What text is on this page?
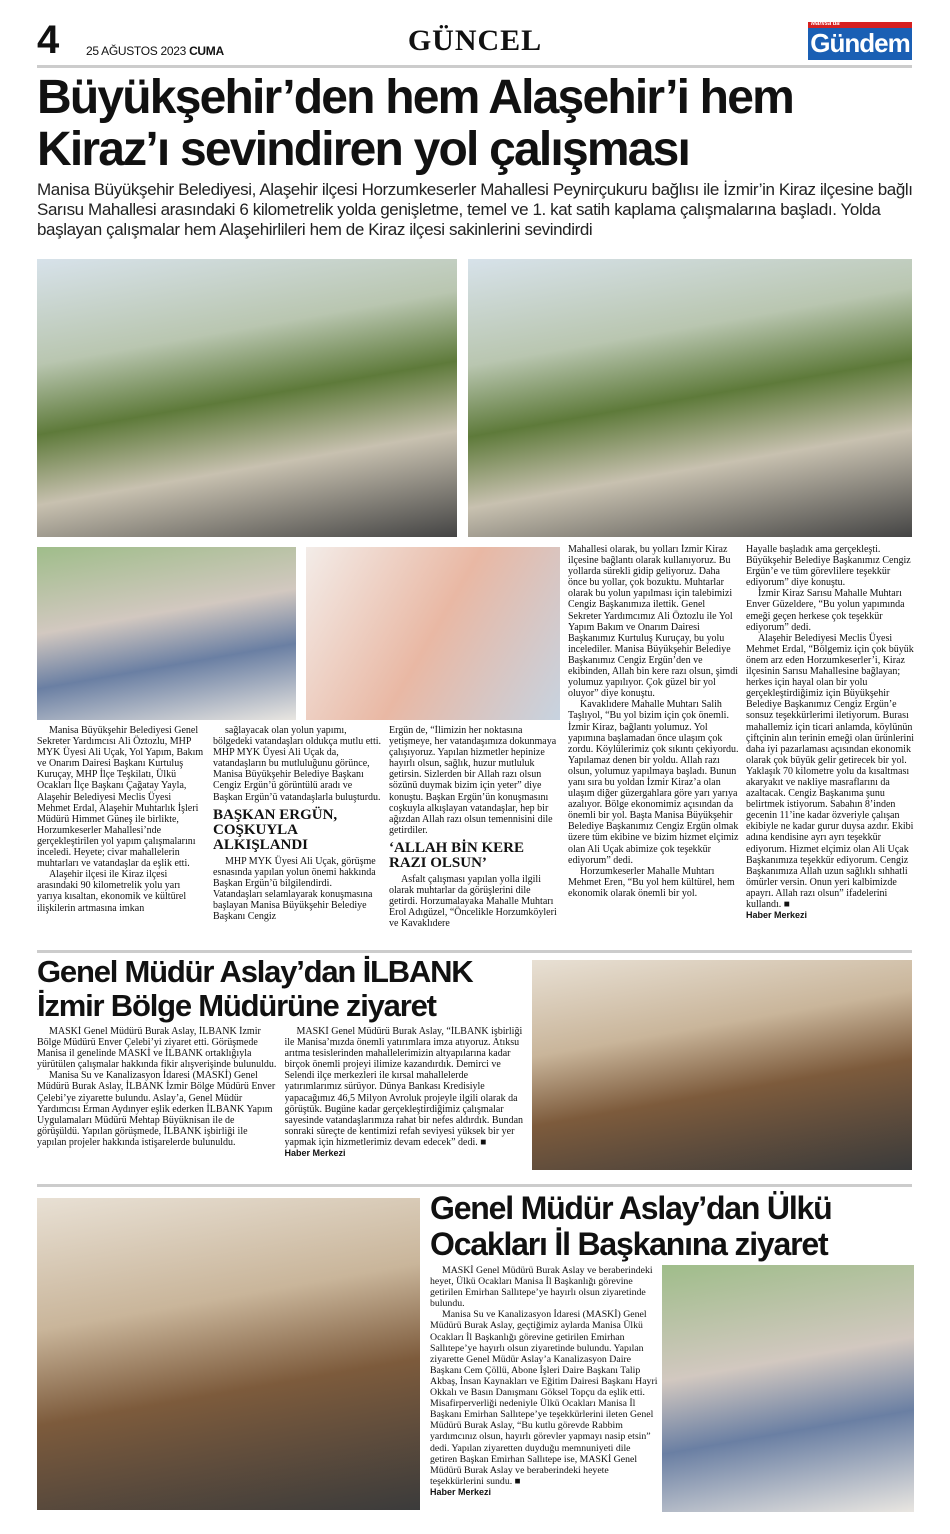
4 25 AĞUSTOS 2023 CUMA	GÜNCEL	Manisa'da
Gündem
Büyükşehir’den hem Alaşehir’i hem Kiraz’ı sevindiren yol çalışması
Manisa Büyükşehir Belediyesi, Alaşehir ilçesi Horzumkeserler Mahallesi Peynirçukuru bağlısı ile İzmir’in Kiraz ilçesine bağlı Sarısu Mahallesi arasındaki 6 kilometrelik yolda genişletme, temel ve 1. kat satih kaplama çalışmalarına başladı. Yolda başlayan çalışmalar hem Alaşehirlileri hem de Kiraz ilçesi sakinlerini sevindirdi

Manisa Büyükşehir Belediyesi Genel Sekreter Yardımcısı Ali Öztozlu, MHP MYK Üyesi Ali Uçak, Yol Yapım, Bakım ve Onarım Dairesi Başkanı Kurtuluş Kuruçay, MHP İlçe Teşkilatı, Ülkü Ocakları İlçe Başkanı Çağatay Yayla, Alaşehir Belediyesi Meclis Üyesi Mehmet Erdal, Alaşehir Muhtarlık İşleri Müdürü Himmet Güneş ile birlikte, Horzumkeserler Mahallesi’nde gerçekleştirilen yol yapım çalışmalarını inceledi. Heyete; civar mahallelerin muhtarları ve vatandaşlar da eşlik etti.

Alaşehir ilçesi ile Kiraz ilçesi arasındaki 90 kilometrelik yolu yarı yarıya kısaltan, ekonomik ve kültürel ilişkilerin artmasına imkan

sağlayacak olan yolun yapımı, bölgedeki vatandaşları oldukça mutlu etti. MHP MYK Üyesi Ali Uçak da, vatandaşların bu mutluluğunu görünce, Manisa Büyükşehir Belediye Başkanı Cengiz Ergün’ü görüntülü aradı ve Başkan Ergün’ü vatandaşlarla buluşturdu.

BAŞKAN ERGÜN, COŞKUYLA ALKIŞLANDI

MHP MYK Üyesi Ali Uçak, görüşme esnasında yapılan yolun önemi hakkında Başkan Ergün’ü bilgilendirdi. Vatandaşları selamlayarak konuşmasına başlayan Manisa Büyükşehir Belediye Başkanı Cengiz

Ergün de, “İlimizin her noktasına yetişmeye, her vatandaşımıza dokunmaya çalışıyoruz. Yapılan hizmetler hepinize hayırlı olsun, sağlık, huzur mutluluk getirsin. Sizlerden bir Allah razı olsun sözünü duymak bizim için yeter” diye konuştu. Başkan Ergün’ün konuşmasını coşkuyla alkışlayan vatandaşlar, hep bir ağızdan Allah razı olsun temennisini dile getirdiler.

‘ALLAH BİN KERE RAZI OLSUN’

Asfalt çalışması yapılan yolla ilgili olarak muhtarlar da görüşlerini dile getirdi. Horzumalayaka Mahalle Muhtarı Erol Adıgüzel, “Öncelikle Horzumköyleri ve Kavaklıdere

Mahallesi olarak, bu yolları İzmir Kiraz ilçesine bağlantı olarak kullanıyoruz. Bu yollarda sürekli gidip geliyoruz. Daha önce bu yollar, çok bozuktu. Muhtarlar olarak bu yolun yapılması için talebimizi Cengiz Başkanımıza ilettik. Genel Sekreter Yardımcımız Ali Öztozlu ile Yol Yapım Bakım ve Onarım Dairesi Başkanımız Kurtuluş Kuruçay, bu yolu incelediler. Manisa Büyükşehir Belediye Başkanımız Cengiz Ergün’den ve ekibinden, Allah bin kere razı olsun, şimdi yolumuz yapılıyor. Çok güzel bir yol oluyor” diye konuştu.

Kavaklıdere Mahalle Muhtarı Salih Taşlıyol, “Bu yol bizim için çok önemli. İzmir Kiraz, bağlantı yolumuz. Yol yapımına başlamadan önce ulaşım çok zordu. Köylülerimiz çok sıkıntı çekiyordu. Yapılamaz denen bir yoldu. Allah razı olsun, yolumuz yapılmaya başladı. Bunun yanı sıra bu yoldan İzmir Kiraz’a olan ulaşım diğer güzergahlara göre yarı yarıya azalıyor. Bölge ekonomimiz açısından da önemli bir yol. Başta Manisa Büyükşehir Belediye Başkanımız Cengiz Ergün olmak üzere tüm ekibine ve bizim hizmet elçimiz olan Ali Uçak abimize çok teşekkür ediyorum” dedi.

Horzumkeserler Mahalle Muhtarı Mehmet Eren, “Bu yol hem kültürel, hem ekonomik olarak önemli bir yol.

Hayalle başladık ama gerçekleşti. Büyükşehir Belediye Başkanımız Cengiz Ergün’e ve tüm görevlilere teşekkür ediyorum” diye konuştu.

İzmir Kiraz Sarısu Mahalle Muhtarı Enver Güzeldere, “Bu yolun yapımında emeği geçen herkese çok teşekkür ediyorum” dedi.

Alaşehir Belediyesi Meclis Üyesi Mehmet Erdal, “Bölgemiz için çok büyük önem arz eden Horzumkeserler’i, Kiraz ilçesinin Sarısu Mahallesine bağlayan; herkes için hayal olan bir yolu gerçekleştirdiğimiz için Büyükşehir Belediye Başkanımız Cengiz Ergün’e sonsuz teşekkürlerimi iletiyorum. Burası mahallemiz için ticari anlamda, köylünün çiftçinin alın terinin emeği olan ürünlerini daha iyi pazarlaması açısından ekonomik olarak çok büyük gelir getirecek bir yol. Yaklaşık 70 kilometre yolu da kısaltması akaryakıt ve nakliye masraflarını da azaltacak. Cengiz Başkanıma şunu belirtmek istiyorum. Sabahın 8’inden gecenin 11’ine kadar özveriyle çalışan ekibiyle ne kadar gurur duysa azdır. Ekibi adına kendisine ayrı ayrı teşekkür ediyorum. Hizmet elçimiz olan Ali Uçak Başkanımıza teşekkür ediyorum. Cengiz Başkanımıza Allah uzun sağlıklı sıhhatli ömürler versin. Onun yeri kalbimizde apayrı. Allah razı olsun” ifadelerini kullandı. ■

Haber Merkezi
Genel Müdür Aslay’dan İLBANK İzmir Bölge Müdürüne ziyaret

MASKİ Genel Müdürü Burak Aslay, İLBANK İzmir Bölge Müdürü Enver Çelebi’yi ziyaret etti. Görüşmede Manisa il genelinde MASKİ ve İLBANK ortaklığıyla yürütülen çalışmalar hakkında fikir alışverişinde bulunuldu.

Manisa Su ve Kanalizasyon İdaresi (MASKİ) Genel Müdürü Burak Aslay, İLBANK İzmir Bölge Müdürü Enver Çelebi’ye ziyarette bulundu. Aslay’a, Genel Müdür Yardımcısı Erman Aydınyer eşlik ederken İLBANK Yapım Uygulamaları Müdürü Mehtap Büyüknisan ile de görüşüldü. Yapılan görüşmede, İLBANK işbirliği ile yapılan projeler hakkında istişarelerde bulunuldu.

MASKİ Genel Müdürü Burak Aslay, “İLBANK işbirliği ile Manisa’mızda önemli yatırımlara imza atıyoruz. Atıksu arıtma tesislerinden mahallelerimizin altyapılarına kadar birçok önemli projeyi ilimize kazandırdık. Demirci ve Selendi ilçe merkezleri ile kırsal mahallelerde yatırımlarımız sürüyor. Dünya Bankası Kredisiyle yapacağımız 46,5 Milyon Avroluk projeyle ilgili olarak da görüştük. Bugüne kadar gerçekleştirdiğimiz çalışmalar sayesinde vatandaşlarımıza rahat bir nefes aldırdık. Bundan sonraki süreçte de kentimizi refah seviyesi yüksek bir yer yapmak için hizmetlerimiz devam edecek” dedi. ■

Haber Merkezi
Genel Müdür Aslay’dan Ülkü Ocakları İl Başkanına ziyaret

MASKİ Genel Müdürü Burak Aslay ve beraberindeki heyet, Ülkü Ocakları Manisa İl Başkanlığı görevine getirilen Emirhan Sallıtepe’ye hayırlı olsun ziyaretinde bulundu.

Manisa Su ve Kanalizasyon İdaresi (MASKİ) Genel Müdürü Burak Aslay, geçtiğimiz aylarda Manisa Ülkü Ocakları İl Başkanlığı görevine getirilen Emirhan Sallıtepe’ye hayırlı olsun ziyaretinde bulundu. Yapılan ziyarette Genel Müdür Aslay’a Kanalizasyon Daire Başkanı Cem Çöllü, Abone İşleri Daire Başkanı Talip Akbaş, İnsan Kaynakları ve Eğitim Dairesi Başkanı Hayri Okkalı ve Basın Danışmanı Göksel Topçu da eşlik etti. Misafirperverliği nedeniyle Ülkü Ocakları Manisa İl Başkanı Emirhan Sallıtepe’ye teşekkürlerini ileten Genel Müdürü Burak Aslay, “Bu kutlu görevde Rabbim yardımcınız olsun, hayırlı görevler yapmayı nasip etsin” dedi. Yapılan ziyaretten duyduğu memnuniyeti dile getiren Başkan Emirhan Sallıtepe ise, MASKİ Genel Müdürü Burak Aslay ve beraberindeki heyete teşekkürlerini sundu. ■

Haber Merkezi
